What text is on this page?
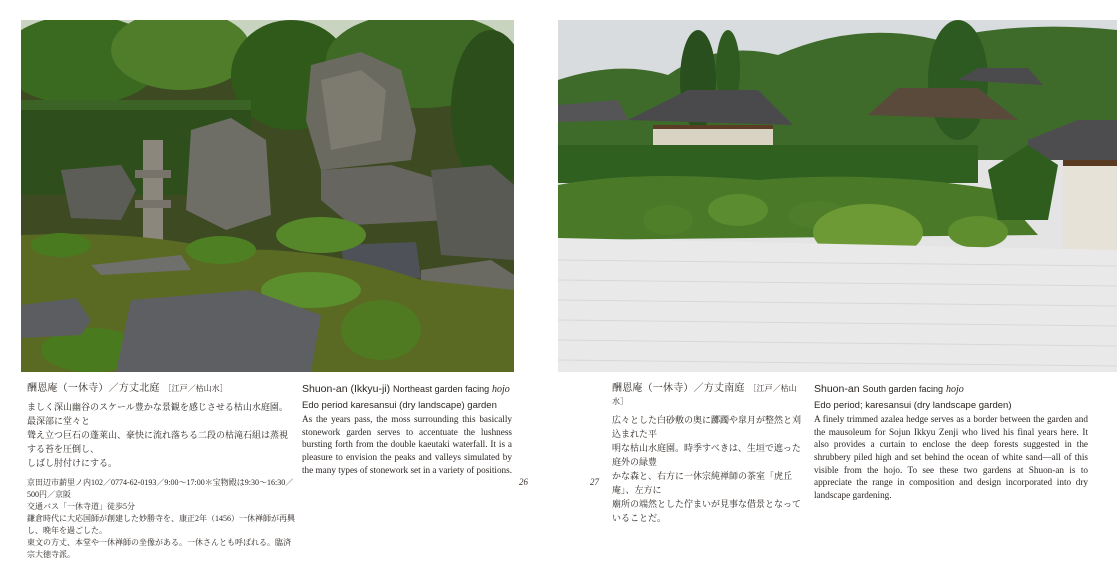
酬恩庵（一休寺）／方丈北庭 ［江戸／枯山水］
ましく深山幽谷のスケール豊かな景観を感じさせる枯山水庭園。最深部に堂々と
聳え立つ巨石の蓬莱山、豪快に流れ落ちる二段の枯滝石組は蒸視する苔を圧倒し、
しばし肘付けにする。
京田辺市薪里ノ内102／0774-62-0193／9:00～17:00＊宝物殿は9:30～16:30／500円／京阪
交通バス「一休寺道」徒歩5分
鎌倉時代に大応国師が創建した妙勝寺を、康正2年（1456）一休禅師が再興し、晩年を過ごした。
東文の方丈、本堂や一休禅師の坐像がある。一休さんとも呼ばれる。臨済宗大徳寺派。
Shuon-an (Ikkyu-ji) Northeast garden facing hojo
Edo period karesansui (dry landscape) garden
As the years pass, the moss surrounding this basically stonework garden serves to accentuate the lushness bursting forth from the double kaeutaki waterfall. It is a pleasure to envision the peaks and valleys simulated by the many types of stonework set in a variety of positions.
酬恩庵（一休寺）／方丈南庭 ［江戸／枯山水］
広々とした白砂敷の奥に躑躅や皐月が整然と刈込まれた平
明な枯山水庭園。時季すべきは、生垣で遮った庭外の緑豊
かな森と、右方に一休宗純禅師の茶室「虎丘庵」、左方に
廟所の端然とした佇まいが見事な借景となっていることだ。
Shuon-an South garden facing hojo
Edo period; karesansui (dry landscape garden)
A finely trimmed azalea hedge serves as a border between the garden and the mausoleum for Sojun Ikkyu Zenji who lived his final years here. It also provides a curtain to enclose the deep forests suggested in the shrubbery piled high and set behind the ocean of white sand—all of this visible from the hojo. To see these two gardens at Shuon-an is to appreciate the range in composition and design incorporated into dry landscape gardening.
26	27
